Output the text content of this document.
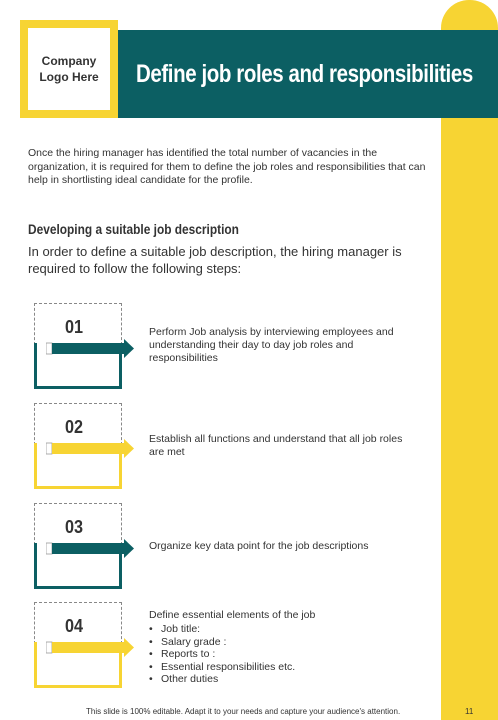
Define job roles and responsibilities
Company
Logo Here
Once the hiring manager has identified the total number of vacancies in the organization, it is required for them to define the job roles and responsibilities that can help in shortlisting ideal candidate for the profile.
Developing a suitable job description
In order to define a suitable job description, the hiring manager is required to follow the following steps:
01	Perform Job analysis by interviewing employees and understanding their day to day job roles and responsibilities
02
Establish all functions and understand that all job roles are met
03
Organize key data point for the job descriptions
04
Define essential elements of the job
• Job title:
• Salary grade :
• Reports to :
• Essential responsibilities etc.
• Other duties
This slide is 100% editable. Adapt it to your needs and capture your audience's attention.	11
